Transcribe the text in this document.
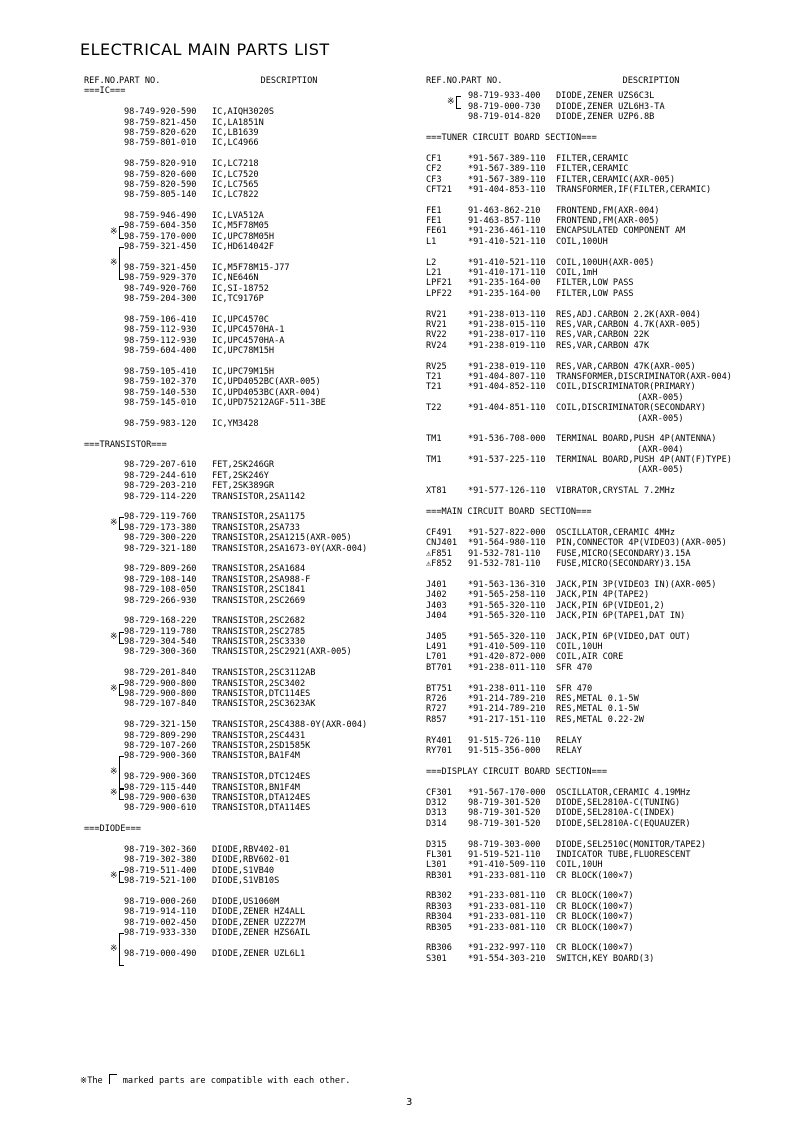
ELECTRICAL MAIN PARTS LIST
REF.NO.
PART NO.	DESCRIPTION
===IC===
98-749-920-590	IC,AIQH3020S
98-759-821-450	IC,LA1851N
98-759-820-620	IC,LB1639
98-759-801-010	IC,LC4966
98-759-820-910	IC,LC7218
98-759-820-600	IC,LC7520
98-759-820-590	IC,LC7565
98-759-805-140	IC,LC7822
98-759-946-490	IC,LVA512A
※
98-759-604-350	IC,M5F78M05
98-759-170-000	IC,UPC78M05H
※
98-759-321-450	IC,HD614042F
98-759-321-450	IC,M5F78M15-J77
98-759-929-370	IC,NE646N
98-749-920-760	IC,SI-18752
98-759-204-300	IC,TC9176P
98-759-106-410	IC,UPC4570C
98-759-112-930	IC,UPC4570HA-1
98-759-112-930	IC,UPC4570HA-A
98-759-604-400	IC,UPC78M15H
98-759-105-410	IC,UPC79M15H
98-759-102-370	IC,UPD4052BC(AXR-005)
98-759-140-530	IC,UPD4053BC(AXR-004)
98-759-145-010	IC,UPD75212AGF-511-3BE
98-759-983-120	IC,YM3428
===TRANSISTOR===
98-729-207-610	FET,2SK246GR
98-729-244-610	FET,2SK246Y
98-729-203-210	FET,2SK389GR
98-729-114-220	TRANSISTOR,2SA1142
※
98-729-119-760	TRANSISTOR,2SA1175
98-729-173-380	TRANSISTOR,2SA733
98-729-300-220	TRANSISTOR,2SA1215(AXR-005)
98-729-321-180	TRANSISTOR,2SA1673-0Y(AXR-004)
98-729-809-260	TRANSISTOR,2SA1684
98-729-108-140	TRANSISTOR,2SA988-F
98-729-108-050	TRANSISTOR,2SC1841
98-729-266-930	TRANSISTOR,2SC2669
98-729-168-220	TRANSISTOR,2SC2682
※
98-729-119-780	TRANSISTOR,2SC2785
98-729-304-540	TRANSISTOR,2SC3330
98-729-300-360	TRANSISTOR,2SC2921(AXR-005)
98-729-201-840	TRANSISTOR,2SC3112AB
※
98-729-900-800	TRANSISTOR,2SC3402
98-729-900-800	TRANSISTOR,DTC114ES
98-729-107-840	TRANSISTOR,2SC3623AK
98-729-321-150	TRANSISTOR,2SC4388-0Y(AXR-004)
98-729-809-290	TRANSISTOR,2SC4431
98-729-107-260	TRANSISTOR,2SD1585K
※
98-729-900-360	TRANSISTOR,BA1F4M
98-729-900-360	TRANSISTOR,DTC124ES
※
98-729-115-440	TRANSISTOR,BN1F4M
98-729-900-630	TRANSISTOR,DTA124ES
98-729-900-610	TRANSISTOR,DTA114ES
===DIODE===
98-719-302-360	DIODE,RBV402-01
98-719-302-380	DIODE,RBV602-01
※
98-719-511-400	DIODE,S1VB40
98-719-521-100	DIODE,S1VB10S
98-719-000-260	DIODE,US1060M
98-719-914-110	DIODE,ZENER HZ4ALL
98-719-002-450	DIODE,ZENER UZZ27M
※
98-719-933-330	DIODE,ZENER HZS6AIL
98-719-000-490	DIODE,ZENER UZL6L1
REF.NO.
PART NO.	DESCRIPTION
※
98-719-933-400	DIODE,ZENER UZS6C3L
98-719-000-730	DIODE,ZENER UZL6H3-TA
98-719-014-820	DIODE,ZENER UZP6.8B
===TUNER CIRCUIT BOARD SECTION===
CF1	*91-567-389-110	FILTER,CERAMIC
CF2	*91-567-389-110	FILTER,CERAMIC
CF3	*91-567-389-110	FILTER,CERAMIC(AXR-005)
CFT21	*91-404-853-110	TRANSFORMER,IF(FILTER,CERAMIC)
FE1	91-463-862-210	FRONTEND,FM(AXR-004)
FE1	91-463-857-110	FRONTEND,FM(AXR-005)
FE61	*91-236-461-110	ENCAPSULATED COMPONENT AM
L1	*91-410-521-110	COIL,100UH
L2	*91-410-521-110	COIL,100UH(AXR-005)
L21	*91-410-171-110	COIL,1mH
LPF21	*91-235-164-00	FILTER,LOW PASS
LPF22	*91-235-164-00	FILTER,LOW PASS
RV21	*91-238-013-110	RES,ADJ.CARBON 2.2K(AXR-004)
RV21	*91-238-015-110	RES,VAR,CARBON 4.7K(AXR-005)
RV22	*91-238-017-110	RES,VAR,CARBON 22K
RV24	*91-238-019-110	RES,VAR,CARBON 47K
RV25	*91-238-019-110	RES,VAR,CARBON 47K(AXR-005)
T21	*91-404-807-110	TRANSFORMER,DISCRIMINATOR(AXR-004)
T21	*91-404-852-110	COIL,DISCRIMINATOR(PRIMARY)
(AXR-005)
T22	*91-404-851-110	COIL,DISCRIMINATOR(SECONDARY)
(AXR-005)
TM1	*91-536-708-000	TERMINAL BOARD,PUSH 4P(ANTENNA)
(AXR-004)
TM1	*91-537-225-110	TERMINAL BOARD,PUSH 4P(ANT(F)TYPE)
(AXR-005)
XT81	*91-577-126-110	VIBRATOR,CRYSTAL 7.2MHz
===MAIN CIRCUIT BOARD SECTION===
CF491	*91-527-822-000	OSCILLATOR,CERAMIC 4MHz
CNJ401	*91-564-980-110	PIN,CONNECTOR 4P(VIDEO3)(AXR-005)
⚠F851	91-532-781-110	FUSE,MICRO(SECONDARY)3.15A
⚠F852	91-532-781-110	FUSE,MICRO(SECONDARY)3.15A
J401	*91-563-136-310	JACK,PIN 3P(VIDEO3 IN)(AXR-005)
J402	*91-565-258-110	JACK,PIN 4P(TAPE2)
J403	*91-565-320-110	JACK,PIN 6P(VIDEO1,2)
J404	*91-565-320-110	JACK,PIN 6P(TAPE1,DAT IN)
J405	*91-565-320-110	JACK,PIN 6P(VIDEO,DAT OUT)
L491	*91-410-509-110	COIL,10UH
L701	*91-420-872-000	COIL,AIR CORE
BT701	*91-238-011-110	SFR 470
BT751	*91-238-011-110	SFR 470
R726	*91-214-789-210	RES,METAL 0.1-5W
R727	*91-214-789-210	RES,METAL 0.1-5W
R857	*91-217-151-110	RES,METAL 0.22-2W
RY401	91-515-726-110	RELAY
RY701	91-515-356-000	RELAY
===DISPLAY CIRCUIT BOARD SECTION===
CF301	*91-567-170-000	OSCILLATOR,CERAMIC 4.19MHz
D312	98-719-301-520	DIODE,SEL2810A-C(TUNING)
D313	98-719-301-520	DIODE,SEL2810A-C(INDEX)
D314	98-719-301-520	DIODE,SEL2810A-C(EQUAUZER)
D315	98-719-303-000	DIODE,SEL2510C(MONITOR/TAPE2)
FL301	91-519-521-110	INDICATOR TUBE,FLUORESCENT
L301	*91-410-509-110	COIL,10UH
RB301	*91-233-081-110	CR BLOCK(100×7)
RB302	*91-233-081-110	CR BLOCK(100×7)
RB303	*91-233-081-110	CR BLOCK(100×7)
RB304	*91-233-081-110	CR BLOCK(100×7)
RB305	*91-233-081-110	CR BLOCK(100×7)
RB306	*91-232-997-110	CR BLOCK(100×7)
S301	*91-554-303-210	SWITCH,KEY BOARD(3)
※The marked parts are compatible with each other.
3
